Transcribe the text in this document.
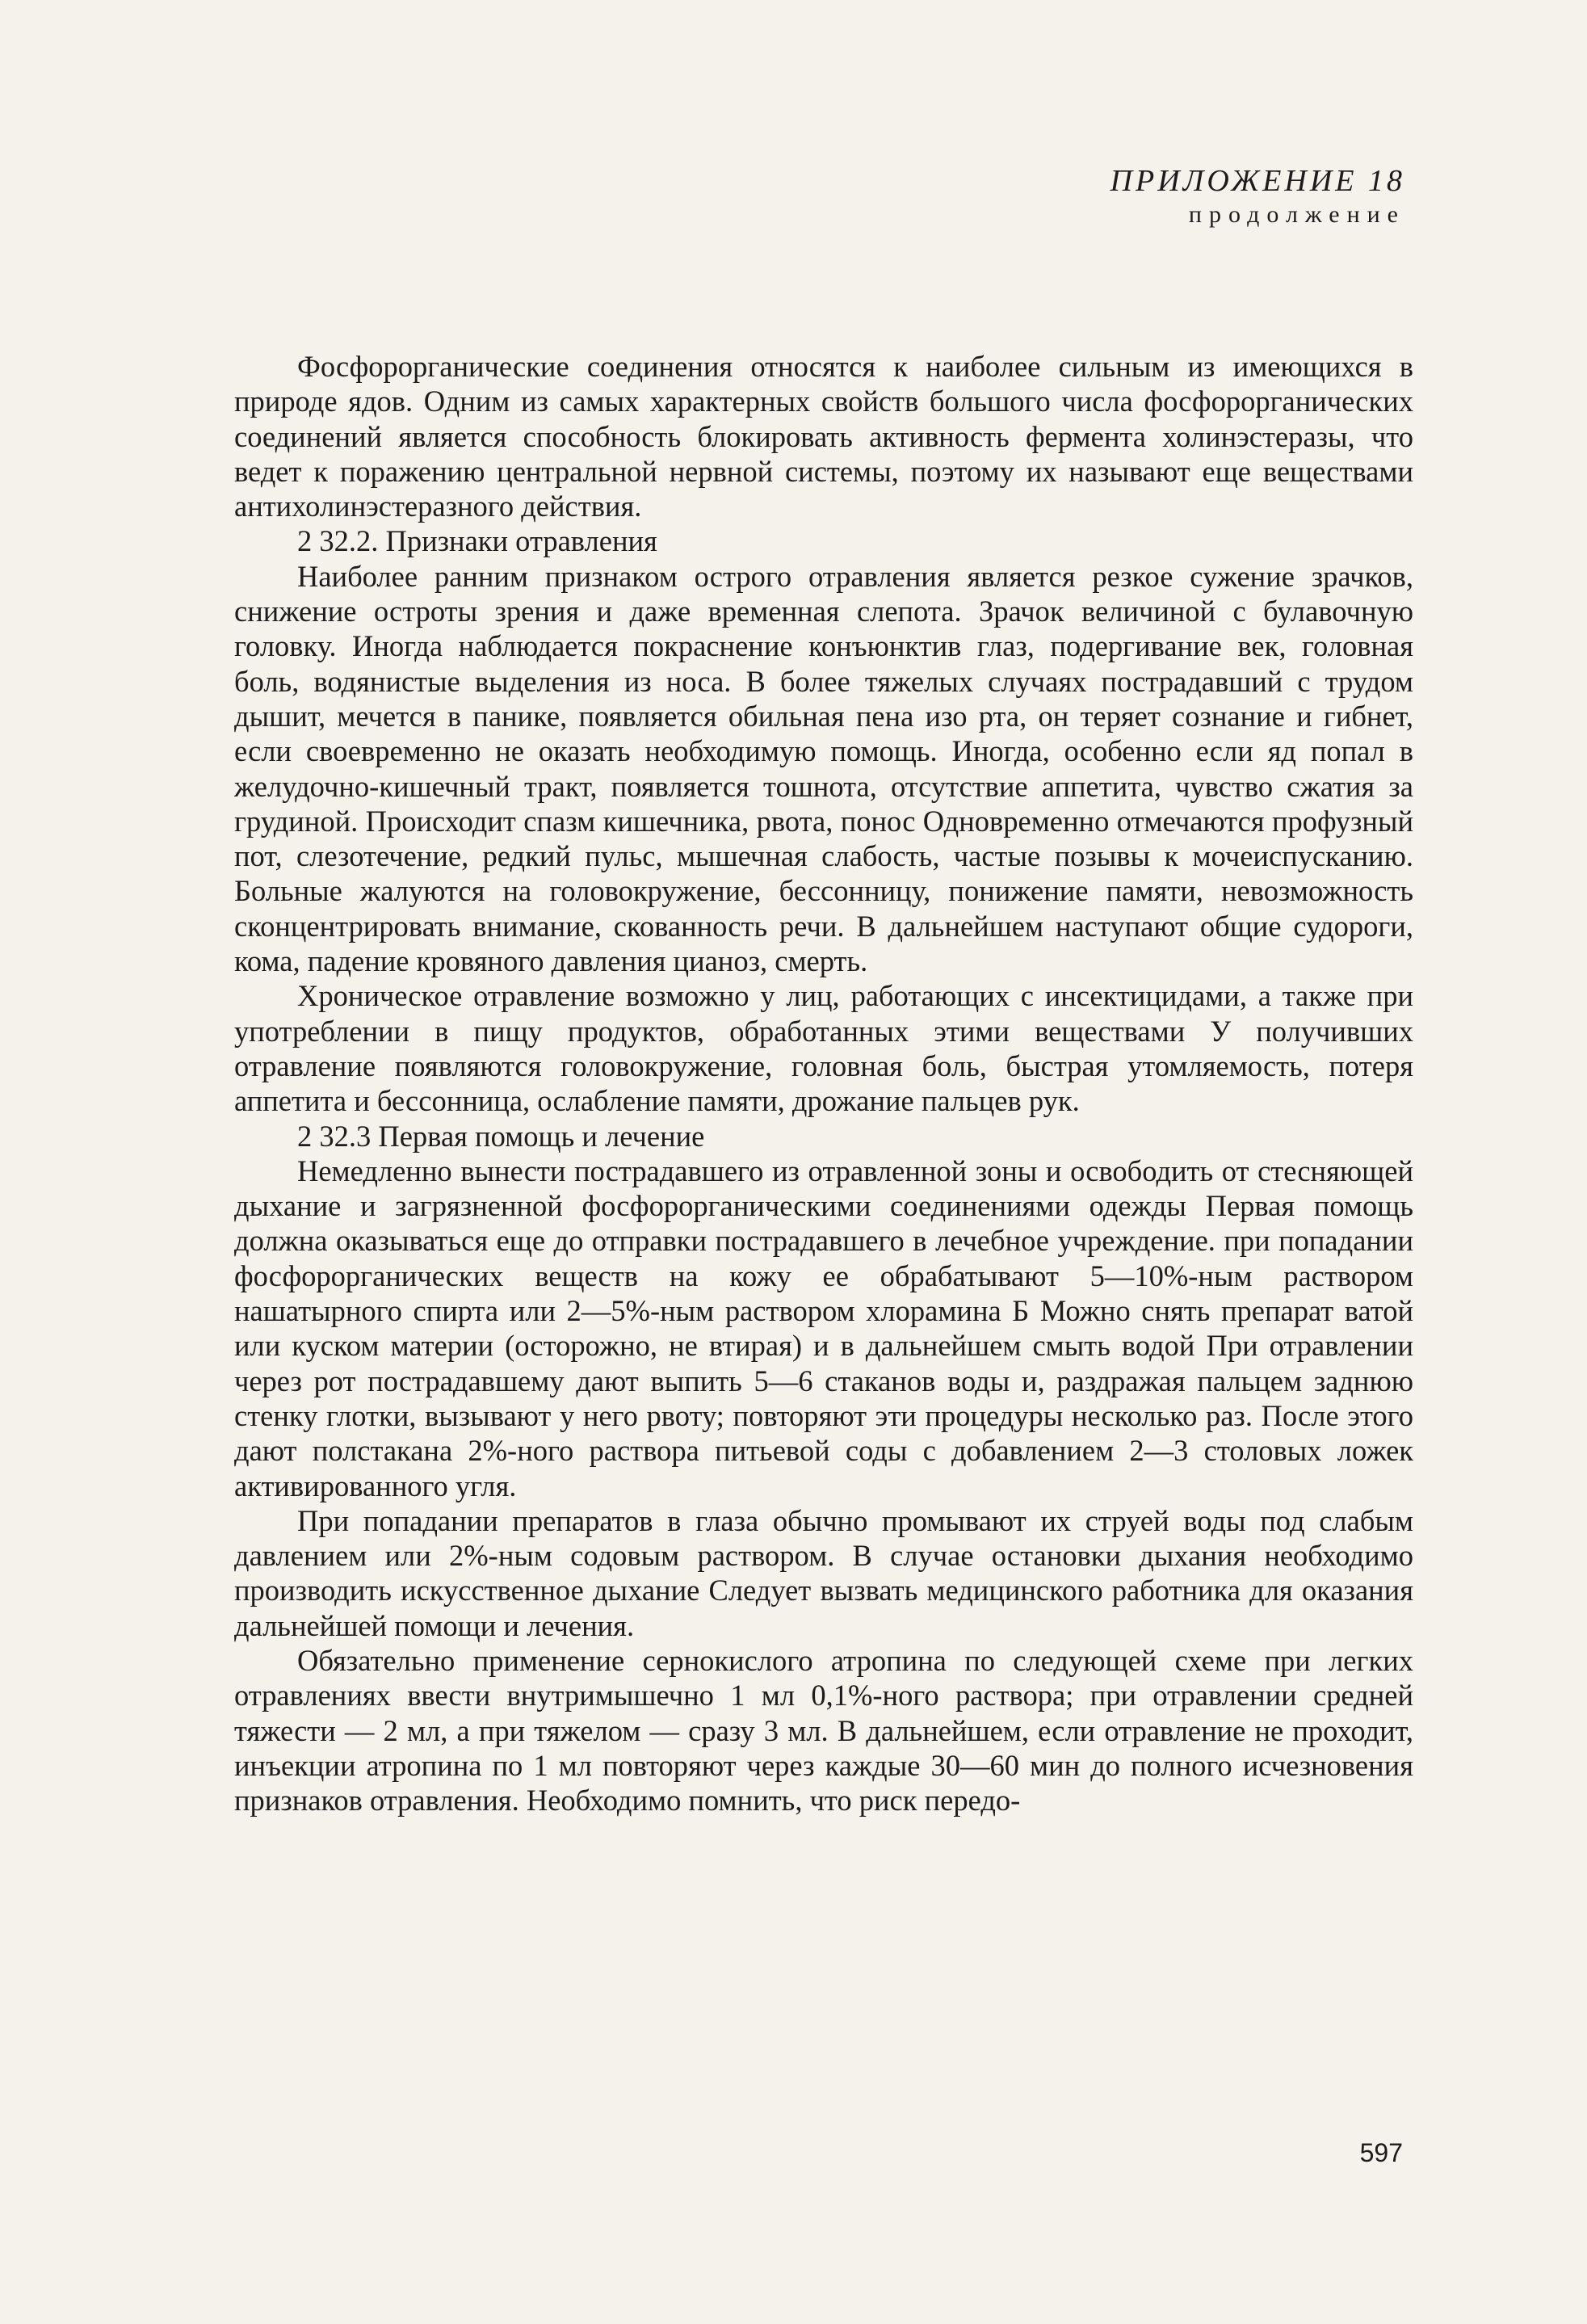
ПРИЛОЖЕНИЕ 18
продолжение

Фосфорорганические соединения относятся к наиболее сильным из имеющихся в природе ядов. Одним из самых характерных свойств большого числа фосфорорганических соединений является способность блокировать активность фермента холинэстеразы, что ведет к поражению центральной нервной системы, поэтому их называют еще веществами антихолинэстеразного действия.

2 32.2. Признаки отравления

Наиболее ранним признаком острого отравления является резкое сужение зрачков, снижение остроты зрения и даже временная слепота. Зрачок величиной с булавочную головку. Иногда наблюдается покраснение конъюнктив глаз, подергивание век, головная боль, водянистые выделения из носа. В более тяжелых случаях пострадавший с трудом дышит, мечется в панике, появляется обильная пена изо рта, он теряет сознание и гибнет, если своевременно не оказать необходимую помощь. Иногда, особенно если яд попал в желудочно-кишечный тракт, появляется тошнота, отсутствие аппетита, чувство сжатия за грудиной. Происходит спазм кишечника, рвота, понос Одновременно отмечаются профузный пот, слезотечение, редкий пульс, мышечная слабость, частые позывы к мочеиспусканию. Больные жалуются на головокружение, бессонницу, понижение памяти, невозможность сконцентрировать внимание, скованность речи. В дальнейшем наступают общие судороги, кома, падение кровяного давления цианоз, смерть.

Хроническое отравление возможно у лиц, работающих с инсектицидами, а также при употреблении в пищу продуктов, обработанных этими веществами У получивших отравление появляются головокружение, головная боль, быстрая утомляемость, потеря аппетита и бессонница, ослабление памяти, дрожание пальцев рук.

2 32.3 Первая помощь и лечение

Немедленно вынести пострадавшего из отравленной зоны и освободить от стесняющей дыхание и загрязненной фосфорорганическими соединениями одежды Первая помощь должна оказываться еще до отправки пострадавшего в лечебное учреждение. при попадании фосфорорганических веществ на кожу ее обрабатывают 5—10%-ным раствором нашатырного спирта или 2—5%-ным раствором хлорамина Б Можно снять препарат ватой или куском материи (осторожно, не втирая) и в дальнейшем смыть водой При отравлении через рот пострадавшему дают выпить 5—6 стаканов воды и, раздражая пальцем заднюю стенку глотки, вызывают у него рвоту; повторяют эти процедуры несколько раз. После этого дают полстакана 2%-ного раствора питьевой соды с добавлением 2—3 столовых ложек активированного угля.

При попадании препаратов в глаза обычно промывают их струей воды под слабым давлением или 2%-ным содовым раствором. В случае остановки дыхания необходимо производить искусственное дыхание Следует вызвать медицинского работника для оказания дальнейшей помощи и лечения.

Обязательно применение сернокислого атропина по следующей схеме при легких отравлениях ввести внутримышечно 1 мл 0,1%-ного раствора; при отравлении средней тяжести — 2 мл, а при тяжелом — сразу 3 мл. В дальнейшем, если отравление не проходит, инъекции атропина по 1 мл повторяют через каждые 30—60 мин до полного исчезновения признаков отравления. Необходимо помнить, что риск передо-

597
